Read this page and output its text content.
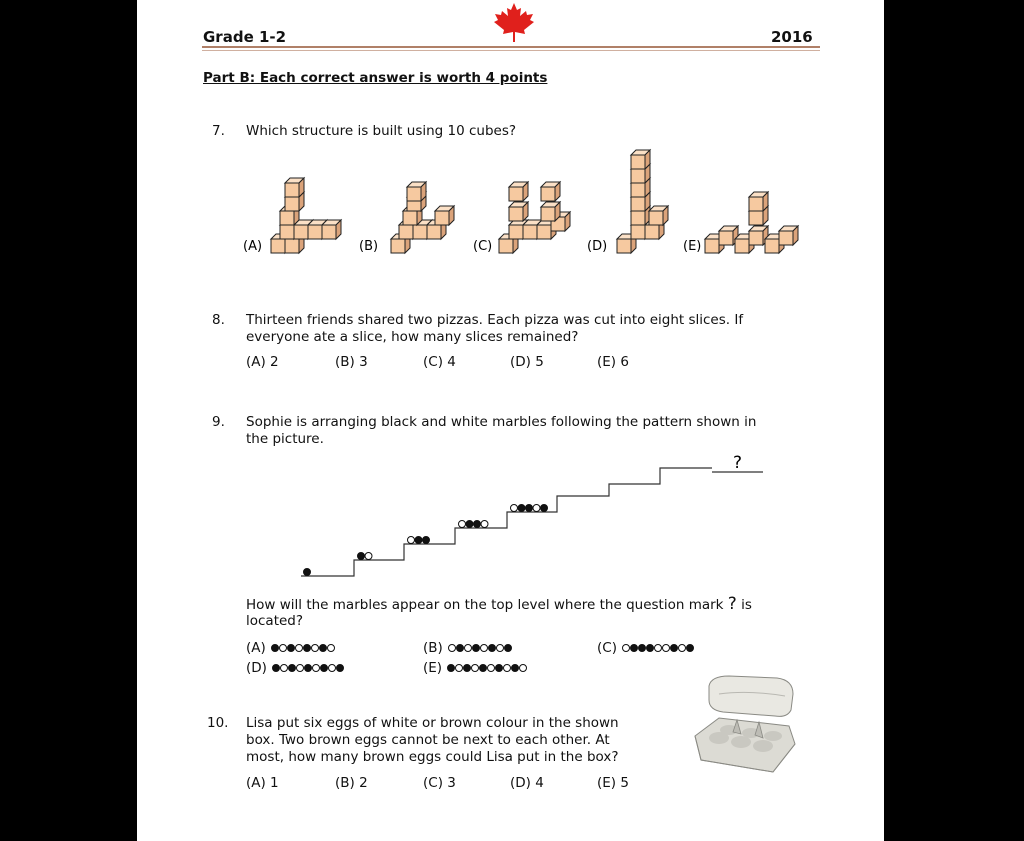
Grade 1-2	2016
Part B: Each correct answer is worth 4 points
7. Which structure is built using 10 cubes?
(A)	(B)	(C)	(D)	(E)
8. Thirteen friends shared two pizzas. Each pizza was cut into eight slices. If
everyone ate a slice, how many slices remained?
(A) 2	(B) 3	(C) 4	(D) 5	(E) 6
9. Sophie is arranging black and white marbles following the pattern shown in
the picture.
?
How will the marbles appear on the top level where the question mark ? is
located?
(A)	(B)	(C)
(D)	(E)
10. Lisa put six eggs of white or brown colour in the shown
box. Two brown eggs cannot be next to each other. At
most, how many brown eggs could Lisa put in the box?
(A) 1	(B) 2	(C) 3	(D) 4	(E) 5
